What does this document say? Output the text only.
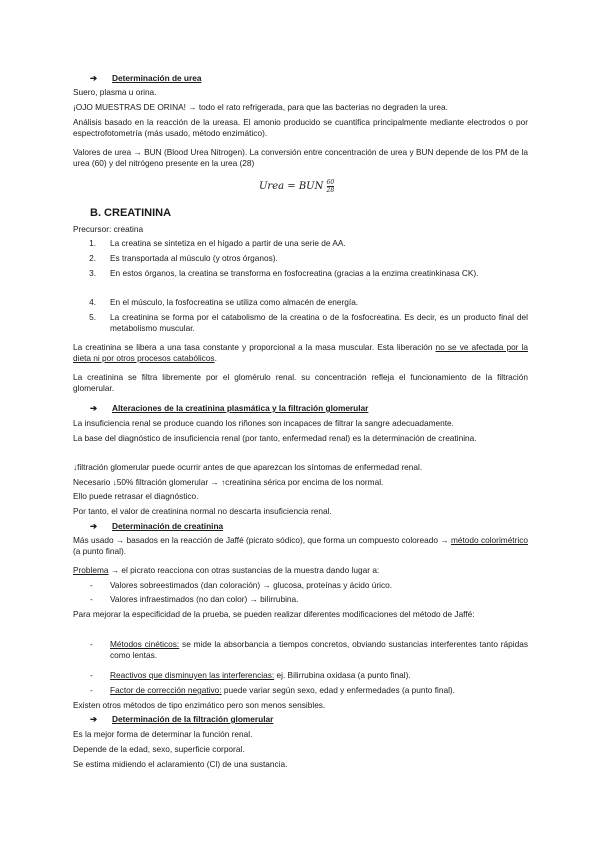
➔ Determinación de urea
Suero, plasma u orina.
¡OJO MUESTRAS DE ORINA! → todo el rato refrigerada, para que las bacterias no degraden la urea.
Análisis basado en la reacción de la ureasa. El amonio producido se cuantifica principalmente mediante electrodos o por espectrofotometría (más usado, método enzimático).
Valores de urea → BUN (Blood Urea Nitrogen). La conversión entre concentración de urea y BUN depende de los PM de la urea (60) y del nitrógeno presente en la urea (28)
Urea = BUN $\frac{60}{28}$
B. CREATININA
Precursor: creatina
1. La creatina se sintetiza en el hígado a partir de una serie de AA.
2. Es transportada al músculo (y otros órganos).
3. En estos órganos, la creatina se transforma en fosfocreatina (gracias a la enzima creatinkinasa CK).
4. En el músculo, la fosfocreatina se utiliza como almacén de energía.
5. La creatinina se forma por el catabolismo de la creatina o de la fosfocreatina. Es decir, es un producto final del metabolismo muscular.
La creatinina se libera a una tasa constante y proporcional a la masa muscular. Esta liberación no se ve afectada por la dieta ni por otros procesos catabólicos.
La creatinina se filtra libremente por el glomérulo renal. su concentración refleja el funcionamiento de la filtración glomerular.
➔ Alteraciones de la creatinina plasmática y la filtración glomerular
La insuficiencia renal se produce cuando los riñones son incapaces de filtrar la sangre adecuadamente.
La base del diagnóstico de insuficiencia renal (por tanto, enfermedad renal) es la determinación de creatinina.
↓filtración glomerular puede ocurrir antes de que aparezcan los síntomas de enfermedad renal.
Necesario ↓50% filtración glomerular → ↑creatinina sérica por encima de los normal.
Ello puede retrasar el diagnóstico.
Por tanto, el valor de creatinina normal no descarta insuficiencia renal.
➔ Determinación de creatinina
Más usado → basados en la reacción de Jaffé (picrato sódico), que forma un compuesto coloreado → método colorimétrico (a punto final).
Problema → el picrato reacciona con otras sustancias de la muestra dando lugar a:
- Valores sobreestimados (dan coloración) → glucosa, proteínas y ácido úrico.
- Valores infraestimados (no dan color) → bilirrubina.
Para mejorar la especificidad de la prueba, se pueden realizar diferentes modificaciones del método de Jaffé:
- Métodos cinéticos: se mide la absorbancia a tiempos concretos, obviando sustancias interferentes tanto rápidas como lentas.
- Reactivos que disminuyen las interferencias: ej. Bilirrubina oxidasa (a punto final).
- Factor de corrección negativo: puede variar según sexo, edad y enfermedades (a punto final).
Existen otros métodos de tipo enzimático pero son menos sensibles.
➔ Determinación de la filtración glomerular
Es la mejor forma de determinar la función renal.
Depende de la edad, sexo, superficie corporal.
Se estima midiendo el aclaramiento (Cl) de una sustancia.
